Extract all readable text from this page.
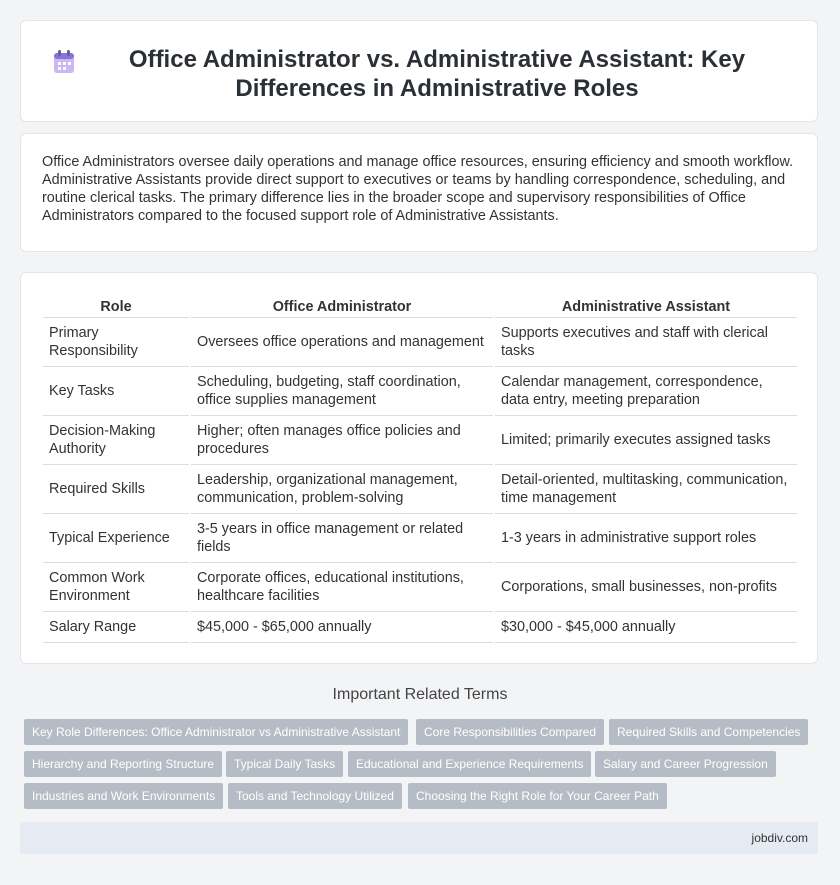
Office Administrator vs. Administrative Assistant: Key Differences in Administrative Roles

Office Administrators oversee daily operations and manage office resources, ensuring efficiency and smooth workflow. Administrative Assistants provide direct support to executives or teams by handling correspondence, scheduling, and routine clerical tasks. The primary difference lies in the broader scope and supervisory responsibilities of Office Administrators compared to the focused support role of Administrative Assistants.

Role	Office Administrator	Administrative Assistant
Primary Responsibility	Oversees office operations and management	Supports executives and staff with clerical tasks
Key Tasks	Scheduling, budgeting, staff coordination, office supplies management	Calendar management, correspondence, data entry, meeting preparation
Decision-Making Authority	Higher; often manages office policies and procedures	Limited; primarily executes assigned tasks
Required Skills	Leadership, organizational management, communication, problem-solving	Detail-oriented, multitasking, communication, time management
Typical Experience	3-5 years in office management or related fields	1-3 years in administrative support roles
Common Work Environment	Corporate offices, educational institutions, healthcare facilities	Corporations, small businesses, non-profits
Salary Range	$45,000 - $65,000 annually	$30,000 - $45,000 annually
Important Related Terms
Key Role Differences: Office Administrator vs Administrative Assistant	Core Responsibilities Compared	Required Skills and Competencies
Hierarchy and Reporting Structure	Typical Daily Tasks	Educational and Experience Requirements	Salary and Career Progression
Industries and Work Environments	Tools and Technology Utilized	Choosing the Right Role for Your Career Path
jobdiv.com
